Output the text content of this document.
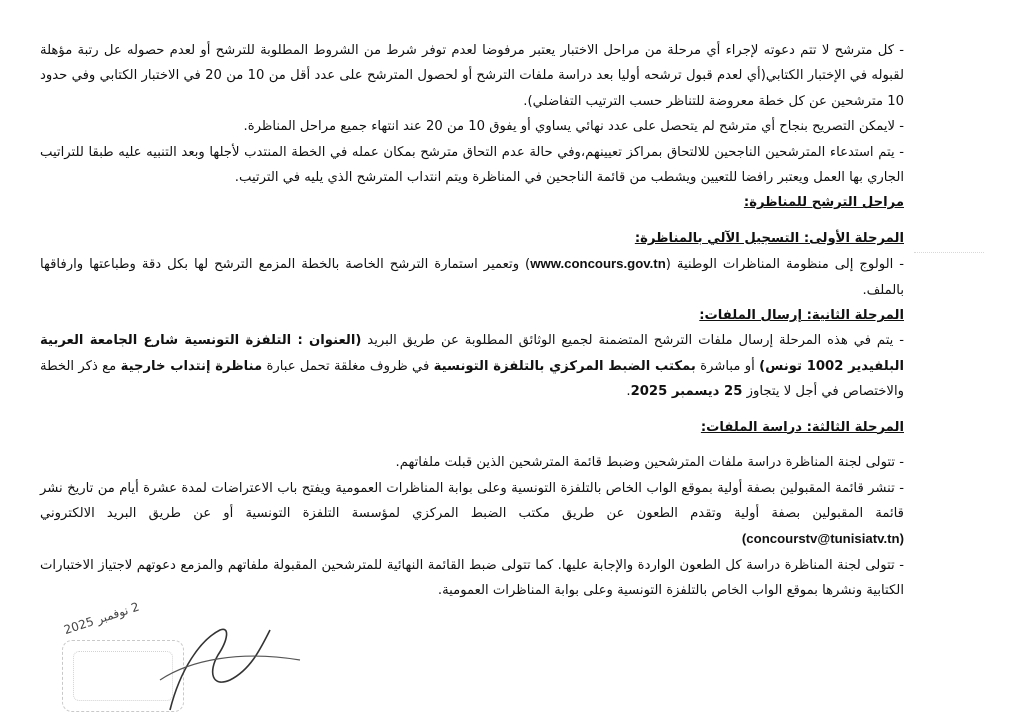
- كل مترشح لا تتم دعوته لإجراء أي مرحلة من مراحل الاختبار يعتبر مرفوضا لعدم توفر شرط من الشروط المطلوبة للترشح أو لعدم حصوله عل رتبة مؤهلة لقبوله في الإختبار الكتابي(أي لعدم قبول ترشحه أوليا بعد دراسة ملفات الترشح أو لحصول المترشح على عدد أقل من 10 من 20 في الاختبار الكتابي وفي حدود 10 مترشحين عن كل خطة معروضة للتناظر حسب الترتيب التفاضلي).

- لايمكن التصريح بنجاح أي مترشح لم يتحصل على عدد نهائي يساوي أو يفوق 10 من 20 عند انتهاء جميع مراحل المناظرة.

- يتم استدعاء المترشحين الناجحين للالتحاق بمراكز تعيينهم،وفي حالة عدم التحاق مترشح بمكان عمله في الخطة المنتدب لأجلها وبعد التنبيه عليه طبقا للتراتيب الجاري بها العمل ويعتبر رافضا للتعيين ويشطب من قائمة الناجحين في المناظرة ويتم انتداب المترشح الذي يليه في الترتيب.

مراحل الترشح للمناظرة:

المرحلة الأولى: التسجيل الآلي بالمناظرة:

- الولوج إلى منظومة المناظرات الوطنية (www.concours.gov.tn) وتعمير استمارة الترشح الخاصة بالخطة المزمع الترشح لها بكل دقة وطباعتها وارفاقها بالملف.

المرحلة الثانية: إرسال الملفات:

- يتم في هذه المرحلة إرسال ملفات الترشح المتضمنة لجميع الوثائق المطلوبة عن طريق البريد (العنوان : التلفزة التونسية شارع الجامعة العربية البلفيدير 1002 تونس) أو مباشرة بمكتب الضبط المركزي بالتلفزة التونسية في ظروف مغلقة تحمل عبارة مناظرة إنتداب خارجية مع ذكر الخطة والاختصاص في أجل لا يتجاوز 25 ديسمبر 2025.

المرحلة الثالثة: دراسة الملفات:

- تتولى لجنة المناظرة دراسة ملفات المترشحين وضبط قائمة المترشحين الذين قبلت ملفاتهم.

- تنشر قائمة المقبولين بصفة أولية بموقع الواب الخاص بالتلفزة التونسية وعلى بوابة المناظرات العمومية ويفتح باب الاعتراضات لمدة عشرة أيام من تاريخ نشر قائمة المقبولين بصفة أولية وتقدم الطعون عن طريق مكتب الضبط المركزي لمؤسسة التلفزة التونسية أو عن طريق البريد الالكتروني (concourstv@tunisiatv.tn)

- تتولى لجنة المناظرة دراسة كل الطعون الواردة والإجابة عليها. كما تتولى ضبط القائمة النهائية للمترشحين المقبولة ملفاتهم والمزمع دعوتهم لاجتياز الاختبارات الكتابية ونشرها بموقع الواب الخاص بالتلفزة التونسية وعلى بوابة المناظرات العمومية.

2 نوفمبر 2025
